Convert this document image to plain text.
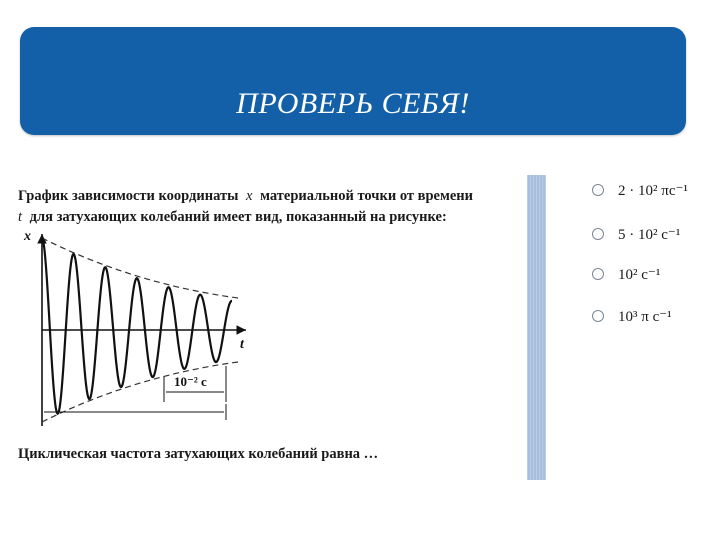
ПРОВЕРЬ СЕБЯ!
График зависимости координаты x материальной точки от времени
t для затухающих колебаний имеет вид, показанный на рисунке:
x
t
10⁻² c
Циклическая частота затухающих колебаний равна …
2 · 10² πc⁻¹
5 · 10² c⁻¹
10² c⁻¹
10³ π c⁻¹
